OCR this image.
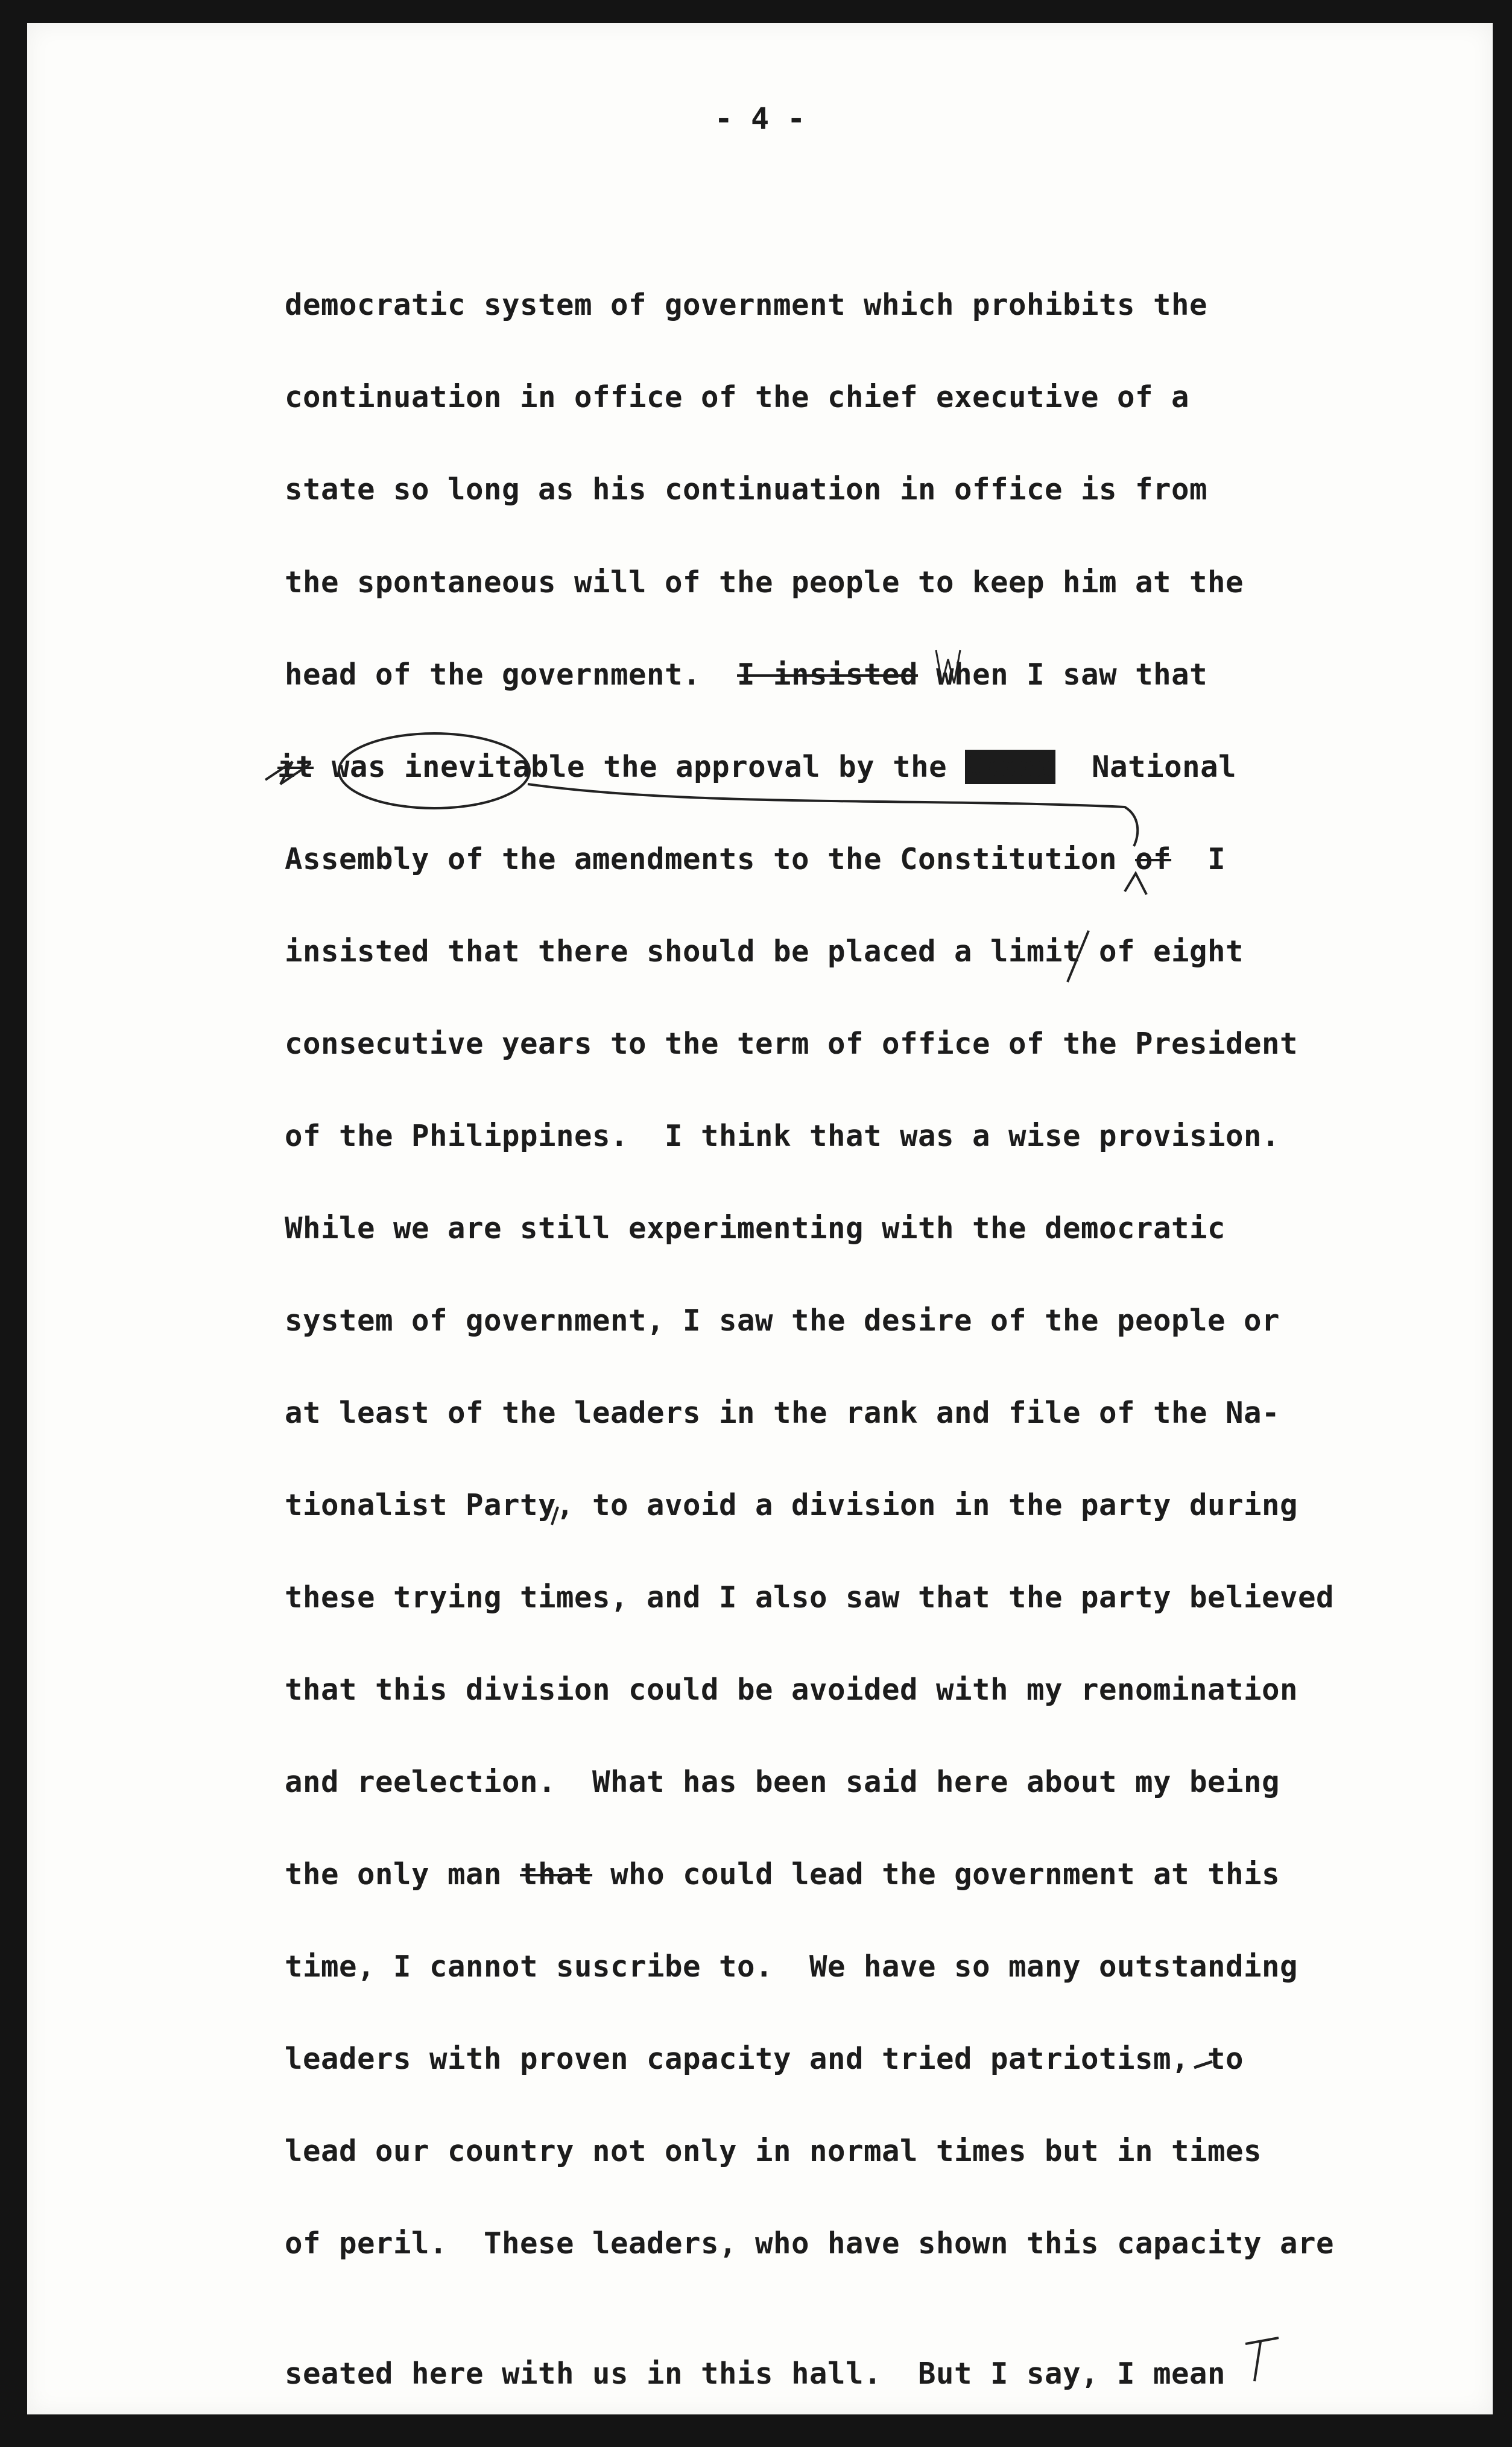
- 4 -
democratic system of government which prohibits the
continuation in office of the chief executive of a
state so long as his continuation in office is from
the spontaneous will of the people to keep him at the
head of the government. I insisted when I saw that
it was inevitable the approval by the Xxxxx National
Assembly of the amendments to the Constitution of I
insisted that there should be placed a limit of eight
consecutive years to the term of office of the President
of the Philippines.  I think that was a wise provision.
While we are still experimenting with the democratic
system of government, I saw the desire of the people or
at least of the leaders in the rank and file of the Na-
tionalist Party, to avoid a division in the party during
these trying times, and I also saw that the party believed
that this division could be avoided with my renomination
and reelection.  What has been said here about my being
the only man that who could lead the government at this
time, I cannot suscribe to.  We have so many outstanding
leaders with proven capacity and tried patriotism, to
lead our country not only in normal times but in times
of peril.  These leaders, who have shown this capacity are
seated here with us in this hall.  But I say, I mean
